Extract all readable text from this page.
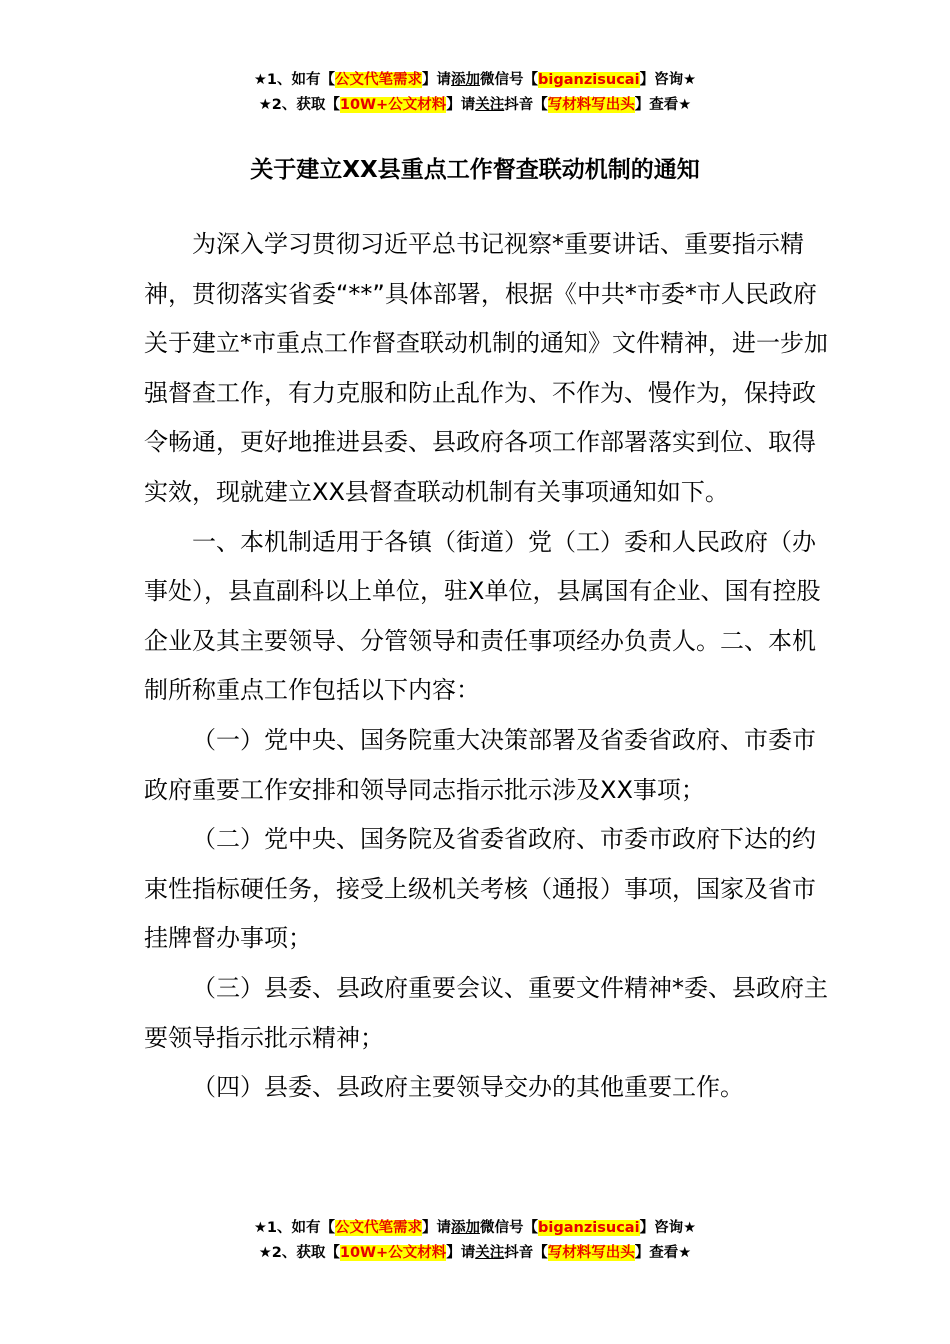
★1、如有【公文代笔需求】请添加微信号【biganzisucai】咨询★
★2、获取【10W+公文材料】请关注抖音【写材料写出头】查看★
关于建立XX县重点工作督查联动机制的通知

为深入学习贯彻习近平总书记视察*重要讲话、重要指示精神，贯彻落实省委“**”具体部署，根据《中共*市委*市人民政府关于建立*市重点工作督查联动机制的通知》文件精神，进一步加强督查工作，有力克服和防止乱作为、不作为、慢作为，保持政令畅通，更好地推进县委、县政府各项工作部署落实到位、取得实效，现就建立XX县督查联动机制有关事项通知如下。

一、本机制适用于各镇（街道）党（工）委和人民政府（办事处），县直副科以上单位，驻X单位，县属国有企业、国有控股企业及其主要领导、分管领导和责任事项经办负责人。二、本机制所称重点工作包括以下内容：

（一）党中央、国务院重大决策部署及省委省政府、市委市政府重要工作安排和领导同志指示批示涉及XX事项；

（二）党中央、国务院及省委省政府、市委市政府下达的约束性指标硬任务，接受上级机关考核（通报）事项，国家及省市挂牌督办事项；

（三）县委、县政府重要会议、重要文件精神*委、县政府主要领导指示批示精神；

（四）县委、县政府主要领导交办的其他重要工作。

★1、如有【公文代笔需求】请添加微信号【biganzisucai】咨询★
★2、获取【10W+公文材料】请关注抖音【写材料写出头】查看★
